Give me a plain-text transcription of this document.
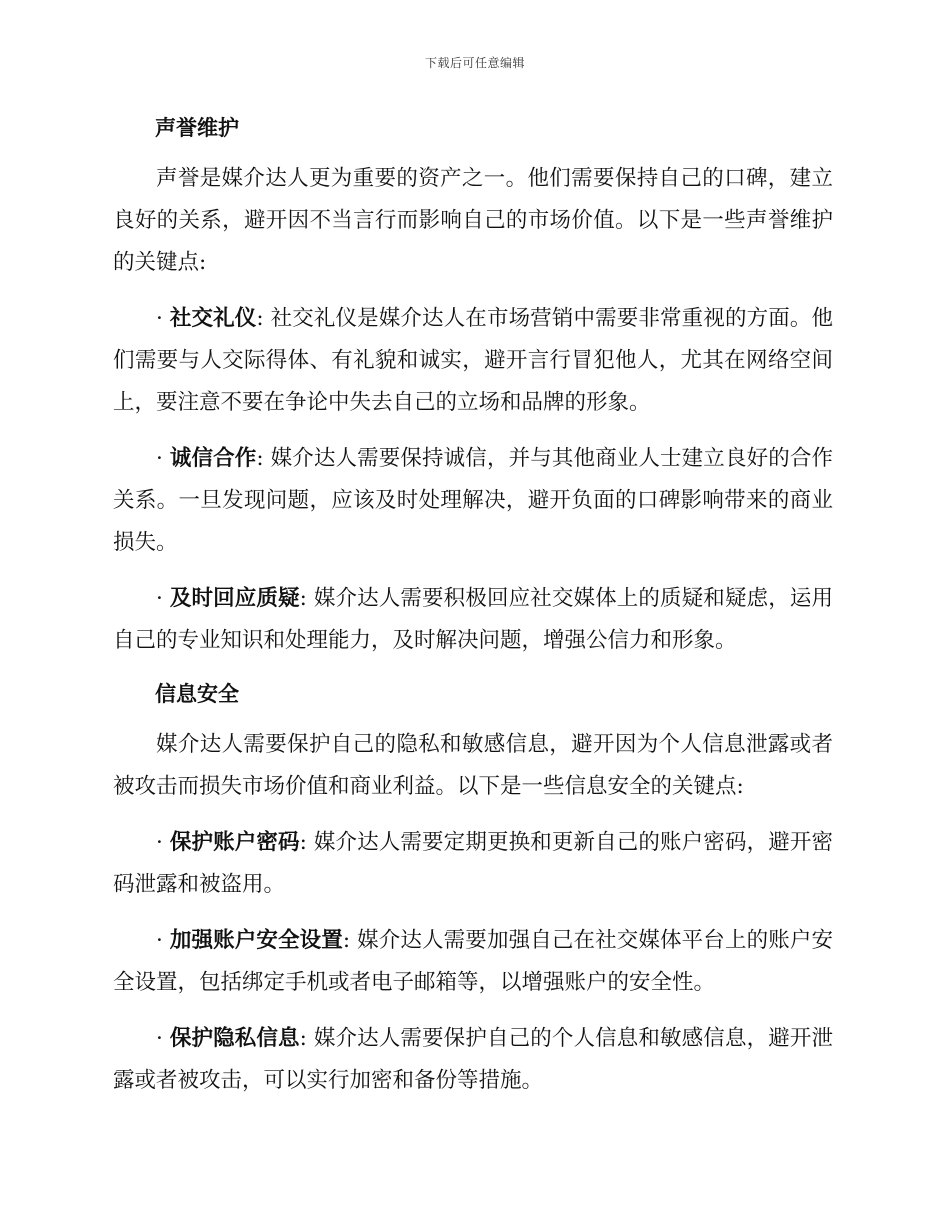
下载后可任意编辑
声誉维护

声誉是媒介达人更为重要的资产之一。他们需要保持自己的口碑，建立良好的关系，避开因不当言行而影响自己的市场价值。以下是一些声誉维护的关键点:

· 社交礼仪: 社交礼仪是媒介达人在市场营销中需要非常重视的方面。他们需要与人交际得体、有礼貌和诚实，避开言行冒犯他人，尤其在网络空间上，要注意不要在争论中失去自己的立场和品牌的形象。

· 诚信合作: 媒介达人需要保持诚信，并与其他商业人士建立良好的合作关系。一旦发现问题，应该及时处理解决，避开负面的口碑影响带来的商业损失。

· 及时回应质疑: 媒介达人需要积极回应社交媒体上的质疑和疑虑，运用自己的专业知识和处理能力，及时解决问题，增强公信力和形象。

信息安全

媒介达人需要保护自己的隐私和敏感信息，避开因为个人信息泄露或者被攻击而损失市场价值和商业利益。以下是一些信息安全的关键点:

· 保护账户密码: 媒介达人需要定期更换和更新自己的账户密码，避开密码泄露和被盗用。

· 加强账户安全设置: 媒介达人需要加强自己在社交媒体平台上的账户安全设置，包括绑定手机或者电子邮箱等，以增强账户的安全性。

· 保护隐私信息: 媒介达人需要保护自己的个人信息和敏感信息，避开泄露或者被攻击，可以实行加密和备份等措施。
